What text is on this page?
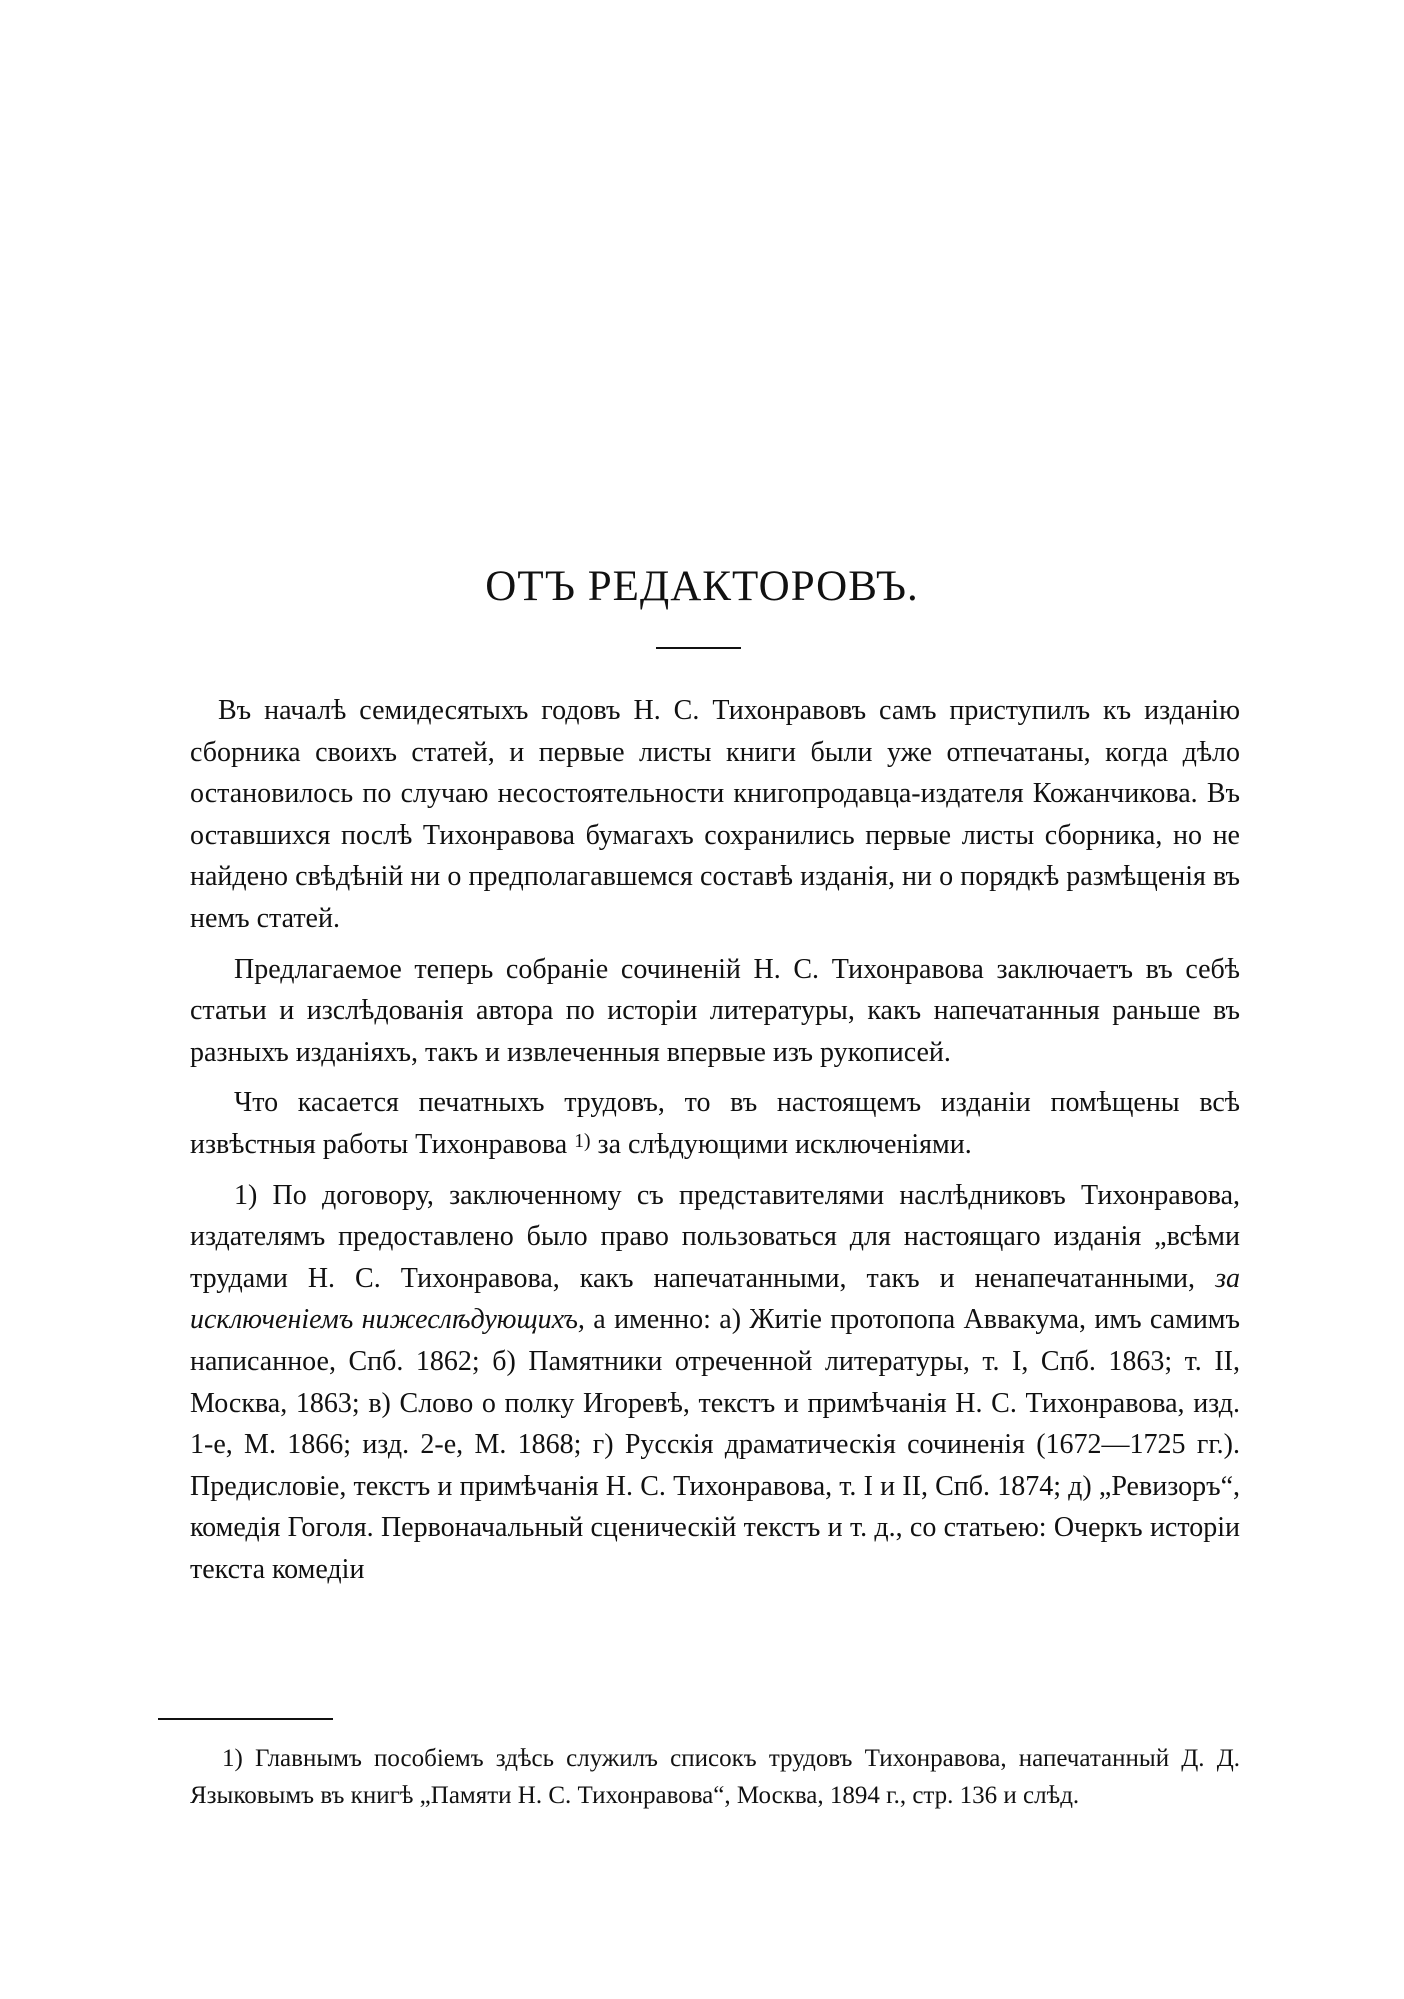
ОТЪ РЕДАКТОРОВЪ.

Въ началѣ семидесятыхъ годовъ Н. С. Тихонравовъ самъ приступилъ къ изданію сборника своихъ статей, и первые листы книги были уже отпечатаны, когда дѣло остановилось по случаю несостоятельности книгопродавца-издателя Кожанчикова. Въ оставшихся послѣ Тихонравова бумагахъ сохранились первые листы сборника, но не найдено свѣдѣній ни о предполагавшемся составѣ изданія, ни о порядкѣ размѣщенія въ немъ статей.

Предлагаемое теперь собраніе сочиненій Н. С. Тихонравова заключаетъ въ себѣ статьи и изслѣдованія автора по исторіи литературы, какъ напечатанныя раньше въ разныхъ изданіяхъ, такъ и извлеченныя впервые изъ рукописей.

Что касается печатныхъ трудовъ, то въ настоящемъ изданіи помѣщены всѣ извѣстныя работы Тихонравова $^{1)}$ за слѣдующими исключеніями.

1) По договору, заключенному съ представителями наслѣдниковъ Тихонравова, издателямъ предоставлено было право пользоваться для настоящаго изданія „всѣми трудами Н. С. Тихонравова, какъ напечатанными, такъ и ненапечатанными, за исключеніемъ нижеслѣдующихъ, а именно: а) Житіе протопопа Аввакума, имъ самимъ написанное, Спб. 1862; б) Памятники отреченной литературы, т. I, Спб. 1863; т. II, Москва, 1863; в) Слово о полку Игоревѣ, текстъ и примѣчанія Н. С. Тихонравова, изд. 1-е, М. 1866; изд. 2-е, М. 1868; г) Русскія драматическія сочиненія (1672—1725 гг.). Предисловіе, текстъ и примѣчанія Н. С. Тихонравова, т. I и II, Спб. 1874; д) „Ревизоръ“, комедія Гоголя. Первоначальный сценическій текстъ и т. д., со статьею: Очеркъ исторіи текста комедіи

1) Главнымъ пособіемъ здѣсь служилъ списокъ трудовъ Тихонравова, напечатанный Д. Д. Языковымъ въ книгѣ „Памяти Н. С. Тихонравова“, Москва, 1894 г., стр. 136 и слѣд.
